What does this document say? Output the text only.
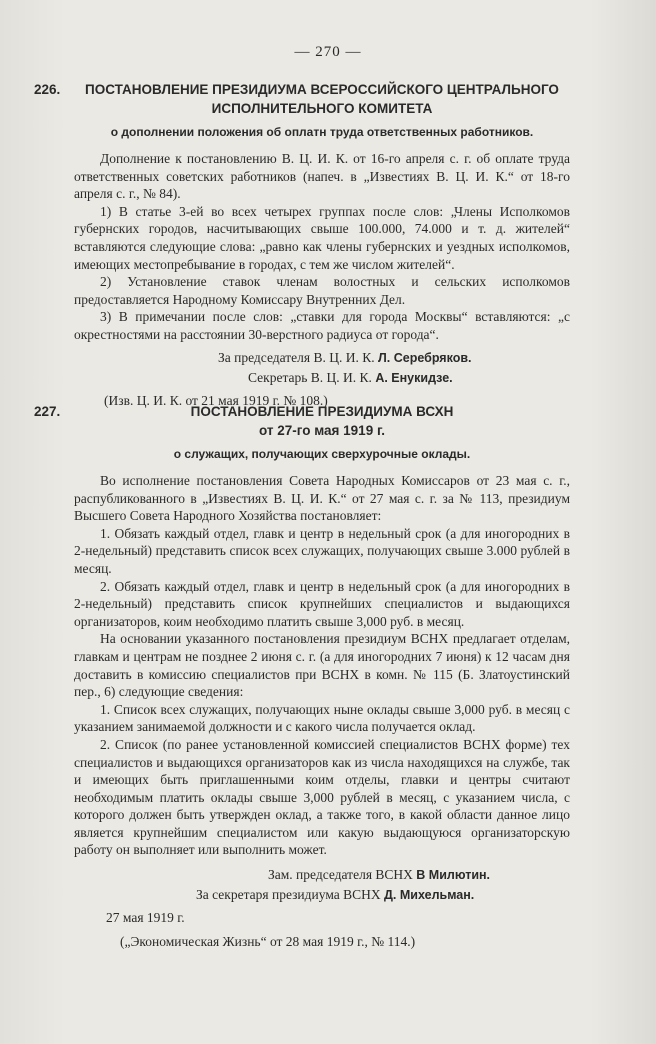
— 270 —
226.	ПОСТАНОВЛЕНИЕ ПРЕЗИДИУМА ВСЕРОССИЙСКОГО ЦЕНТРАЛЬНОГО ИСПОЛНИТЕЛЬНОГО КОМИТЕТА
о дополнении положения об оплатн труда ответственных работников.

Дополнение к постановлению В. Ц. И. К. от 16-го апреля с. г. об оплате труда ответственных советских работников (напеч. в „Известиях В. Ц. И. К.“ от 18-го апреля с. г., № 84).

1) В статье 3-ей во всех четырех группах после слов: „Члены Исполкомов губернских городов, насчитывающих свыше 100.000, 74.000 и т. д. жителей“ вставляются следующие слова: „равно как члены губернских и уездных исполкомов, имеющих местопребывание в городах, с тем же числом жителей“.

2) Установление ставок членам волостных и сельских исполкомов предоставляется Народному Комиссару Внутренних Дел.

3) В примечании после слов: „ставки для города Москвы“ вставляются: „с окрестностями на расстоянии 30-верстного радиуса от города“.

За председателя В. Ц. И. К. Л. Серебряков.
Секретарь В. Ц. И. К. А. Енукидзе.
(Изв. Ц. И. К. от 21 мая 1919 г. № 108.)
227.	ПОСТАНОВЛЕНИЕ ПРЕЗИДИУМА ВСХН
от 27-го мая 1919 г.
о служащих, получающих сверхурочные оклады.

Во исполнение постановления Совета Народных Комиссаров от 23 мая с. г., распубликованного в „Известиях В. Ц. И. К.“ от 27 мая с. г. за № 113, президиум Высшего Совета Народного Хозяйства постановляет:

1. Обязать каждый отдел, главк и центр в недельный срок (а для иногородних в 2-недельный) представить список всех служащих, получающих свыше 3.000 рублей в месяц.

2. Обязать каждый отдел, главк и центр в недельный срок (а для иногородних в 2-недельный) представить список крупнейших специалистов и выдающихся организаторов, коим необходимо платить свыше 3,000 руб. в месяц.

На основании указанного постановления президиум ВСНХ предлагает отделам, главкам и центрам не позднее 2 июня с. г. (а для иногородних 7 июня) к 12 часам дня доставить в комиссию специалистов при ВСНХ в комн. № 115 (Б. Златоустинский пер., 6) следующие сведения:

1. Список всех служащих, получающих ныне оклады свыше 3,000 руб. в месяц с указанием занимаемой должности и с какого числа получается оклад.

2. Список (по ранее установленной комиссией специалистов ВСНХ форме) тех специалистов и выдающихся организаторов как из числа находящихся на службе, так и имеющих быть приглашенными коим отделы, главки и центры считают необходимым платить оклады свыше 3,000 рублей в месяц, с указанием числа, с которого должен быть утвержден оклад, а также того, в какой области данное лицо является крупнейшим специалистом или какую выдающуюся организаторскую работу он выполняет или выполнить может.

Зам. председателя ВСНХ В Милютин.
За секретаря президиума ВСНХ Д. Михельман.
27 мая 1919 г.
(„Экономическая Жизнь“ от 28 мая 1919 г., № 114.)
